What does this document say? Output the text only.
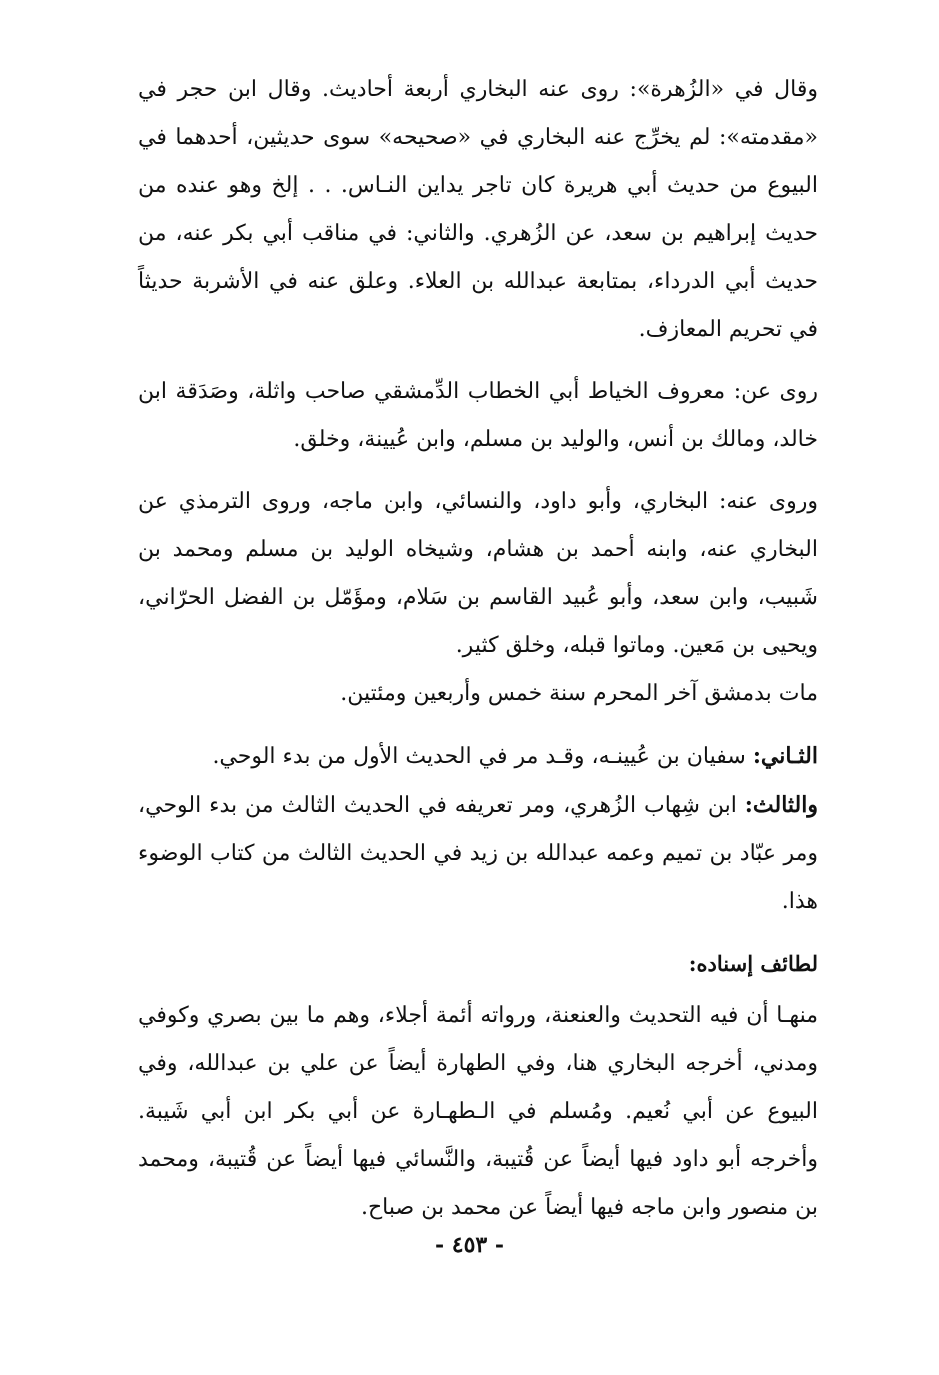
وقال في «الزُهرة»: روى عنه البخاري أربعة أحاديث. وقال ابن حجر في «مقدمته»: لم يخرِّج عنه البخاري في «صحيحه» سوى حديثين، أحدهما في البيوع من حديث أبي هريرة كان تاجر يداين النـاس. . . إلخ وهو عنده من حديث إبراهيم بن سعد، عن الزُهري. والثاني: في مناقب أبي بكر عنه، من حديث أبي الدرداء، بمتابعة عبدالله بن العلاء. وعلق عنه في الأشربة حديثاً في تحريم المعازف.

روى عن: معروف الخياط أبي الخطاب الدِّمشقي صاحب واثلة، وصَدَقة ابن خالد، ومالك بن أنس، والوليد بن مسلم، وابن عُيينة، وخلق.

وروى عنه: البخاري، وأبو داود، والنسائي، وابن ماجه، وروى الترمذي عن البخاري عنه، وابنه أحمد بن هشام، وشيخاه الوليد بن مسلم ومحمد بن شَبيب، وابن سعد، وأبو عُبيد القاسم بن سَلام، ومؤَمّل بن الفضل الحرّاني، ويحيى بن مَعين. وماتوا قبله، وخلق كثير.

مات بدمشق آخر المحرم سنة خمس وأربعين ومئتين.

الثـاني: سفيان بن عُيينـه، وقـد مر في الحديث الأول من بدء الوحي.

والثالث: ابن شِهاب الزُهري، ومر تعريفه في الحديث الثالث من بدء الوحي، ومر عبّاد بن تميم وعمه عبدالله بن زيد في الحديث الثالث من كتاب الوضوء هذا.

لطائف إسناده:

منهـا أن فيه التحديث والعنعنة، ورواته أئمة أجلاء، وهم ما بين بصري وكوفي ومدني، أخرجه البخاري هنا، وفي الطهارة أيضاً عن علي بن عبدالله، وفي البيوع عن أبي نُعيم. ومُسلم في الـطهـارة عن أبي بكر ابن أبي شَيبة. وأخرجه أبو داود فيها أيضاً عن قُتيبة، والنَّسائي فيها أيضاً عن قُتيبة، ومحمد بن منصور وابن ماجه فيها أيضاً عن محمد بن صباح.

- ٤٥٣ -
